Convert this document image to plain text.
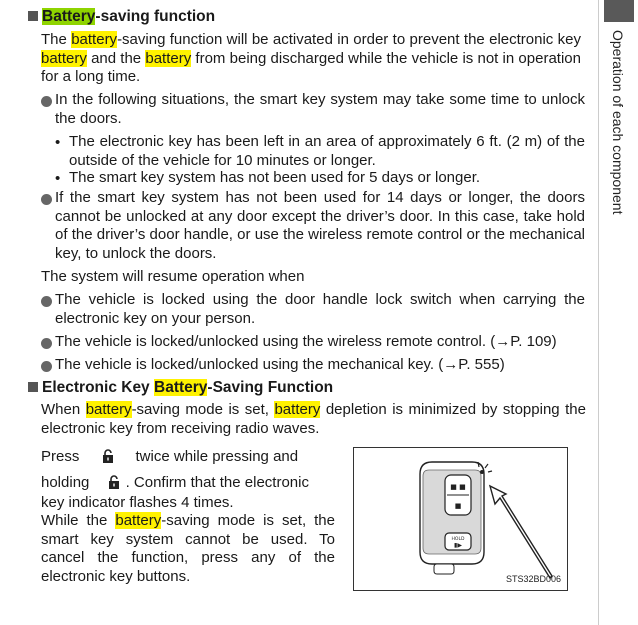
Operation of each component
Battery-saving function
The battery-saving function will be activated in order to prevent the electronic key battery and the battery from being discharged while the vehicle is not in operation for a long time.
In the following situations, the smart key system may take some time to unlock the doors.
• The electronic key has been left in an area of approximately 6 ft. (2 m) of the outside of the vehicle for 10 minutes or longer.
• The smart key system has not been used for 5 days or longer.
If the smart key system has not been used for 14 days or longer, the doors cannot be unlocked at any door except the driver’s door. In this case, take hold of the driver’s door handle, or use the wireless remote control or the mechanical key, to unlock the doors.
The system will resume operation when
The vehicle is locked using the door handle lock switch when carrying the electronic key on your person.
The vehicle is locked/unlocked using the wireless remote control. (→P. 109)
The vehicle is locked/unlocked using the mechanical key. (→P. 555)
Electronic Key Battery-Saving Function
When battery-saving mode is set, battery depletion is minimized by stopping the electronic key from receiving radio waves.
Press	twice while pressing and
holding . Confirm that the electronic
key indicator flashes 4 times.
While the battery-saving mode is set, the smart key system cannot be used. To cancel the function, press any of the electronic key buttons.
■ ■
■
HOLD
▮▶
STS32BD006
